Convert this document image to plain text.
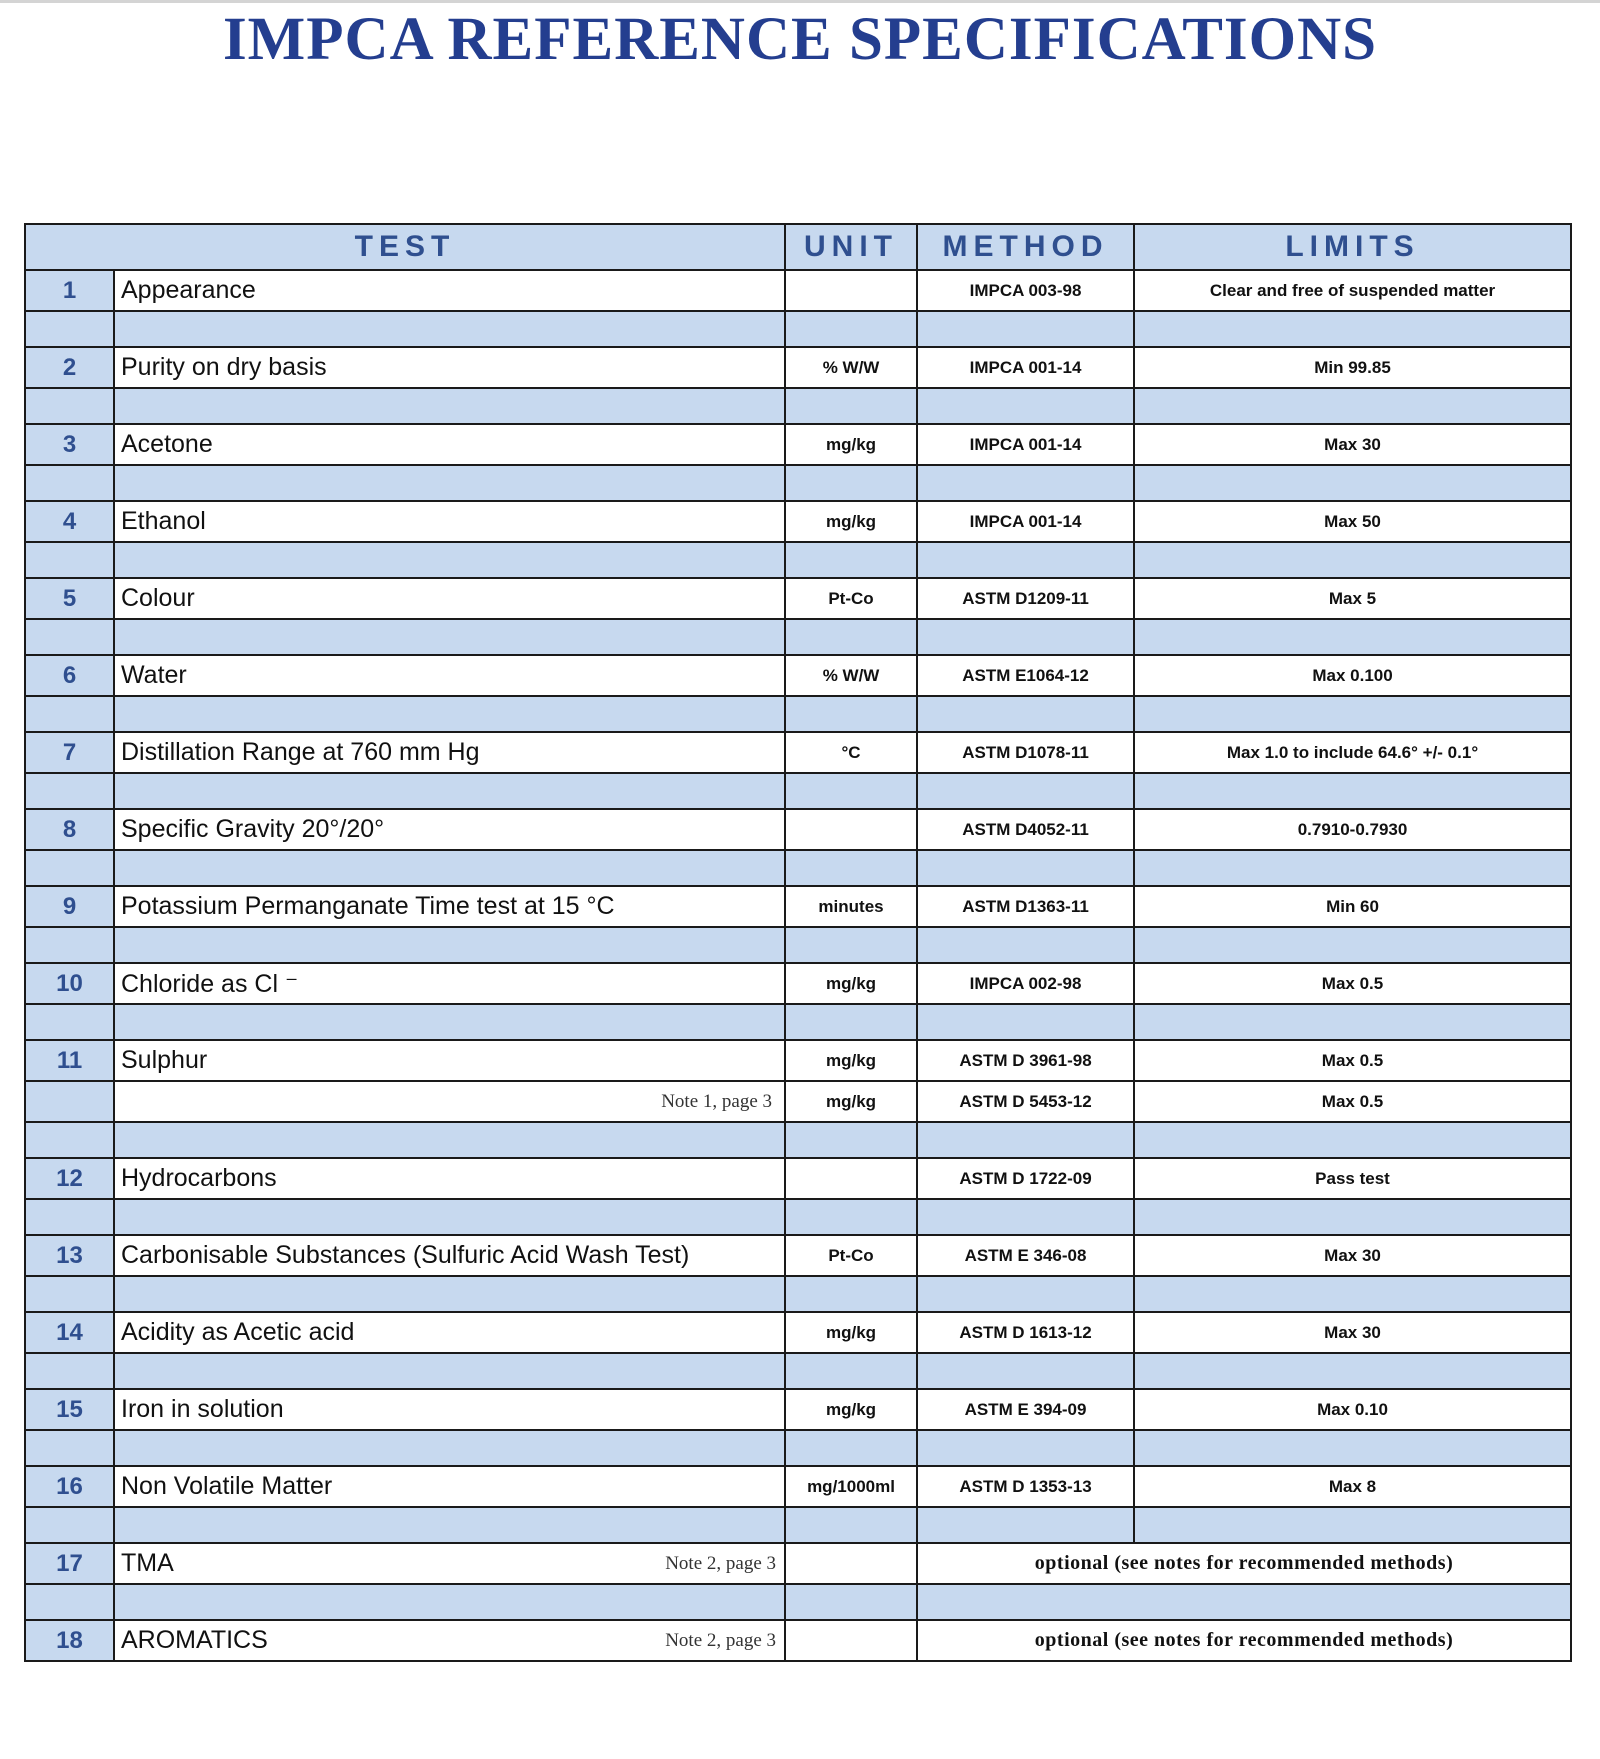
IMPCA REFERENCE SPECIFICATIONS
TEST		UNIT	METHOD	LIMITS
1	Appearance		IMPCA 003-98	Clear and free of suspended matter

2	Purity on dry basis	% W/W	IMPCA 001-14	Min 99.85

3	Acetone	mg/kg	IMPCA 001-14	Max 30

4	Ethanol	mg/kg	IMPCA 001-14	Max 50

5	Colour	Pt-Co	ASTM D1209-11	Max 5

6	Water	% W/W	ASTM E1064-12	Max 0.100

7	Distillation Range at 760 mm Hg	°C	ASTM D1078-11	Max 1.0 to include 64.6° +/- 0.1°

8	Specific Gravity 20°/20°		ASTM D4052-11	0.7910-0.7930

9	Potassium Permanganate Time test at 15 °C	minutes	ASTM D1363-11	Min 60

10	Chloride as Cl ⁻	mg/kg	IMPCA 002-98	Max 0.5

11	Sulphur	mg/kg	ASTM D 3961-98	Max 0.5
	Note 1, page 3	mg/kg	ASTM D 5453-12	Max 0.5

12	Hydrocarbons		ASTM D 1722-09	Pass test

13	Carbonisable Substances (Sulfuric Acid Wash Test)	Pt-Co	ASTM E 346-08	Max 30

14	Acidity as Acetic acid	mg/kg	ASTM D 1613-12	Max 30

15	Iron in solution	mg/kg	ASTM E 394-09	Max 0.10

16	Non Volatile Matter	mg/1000ml	ASTM D 1353-13	Max 8

17	TMA Note 2, page 3		optional (see notes for recommended methods)	

18	AROMATICS Note 2, page 3		optional (see notes for recommended methods)	
